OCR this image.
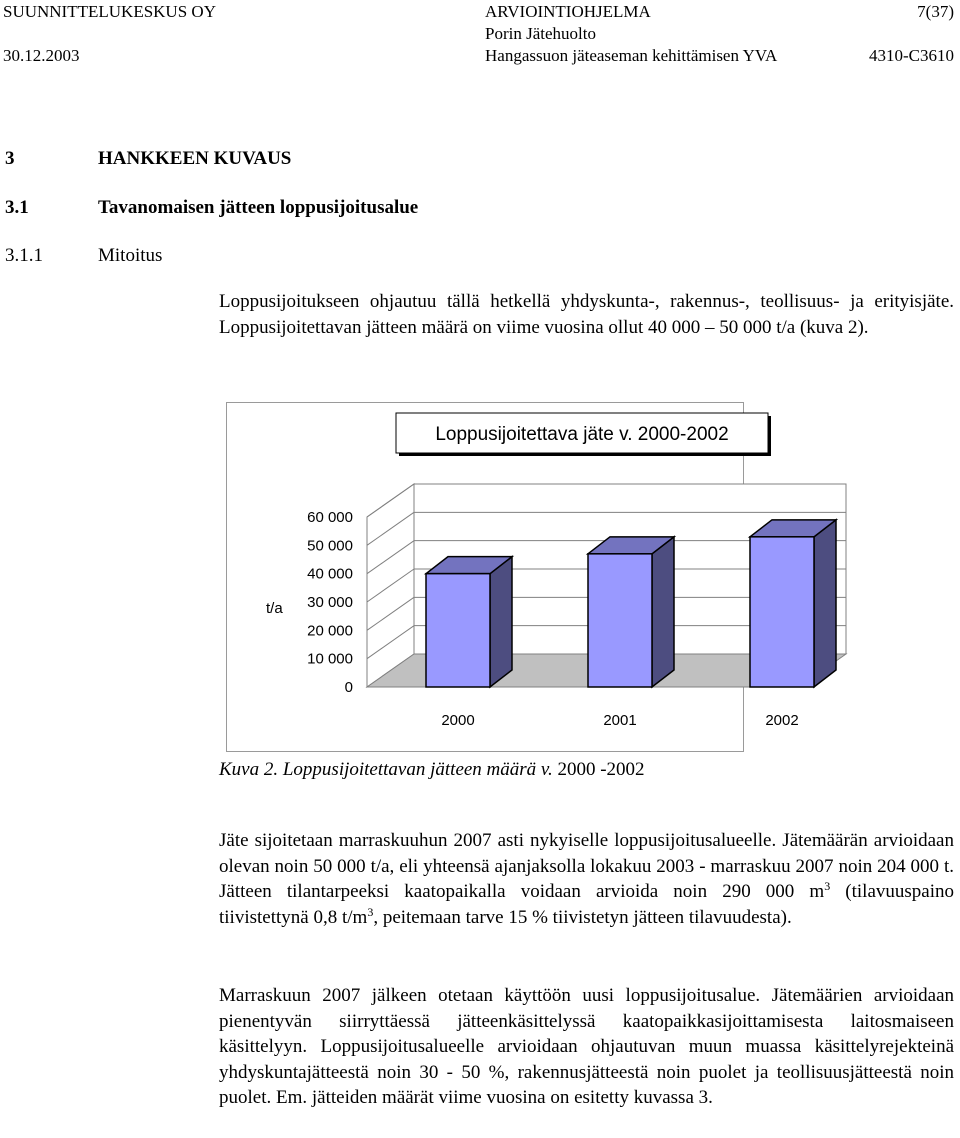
SUUNNITTELUKESKUS OY
30.12.2003
ARVIOINTIOHJELMA
Porin Jätehuolto
Hangassuon jäteaseman kehittämisen YVA
7(37)
4310-C3610
3	HANKKEEN KUVAUS
3.1	Tavanomaisen jätteen loppusijoitusalue
3.1.1	Mitoitus
Loppusijoitukseen ohjautuu tällä hetkellä yhdyskunta-, rakennus-, teollisuus- ja erityisjäte. Loppusijoitettavan jätteen määrä on viime vuosina ollut 40 000 – 50 000 t/a (kuva 2).
0
10 000
20 000
30 000
40 000
50 000
60 000
2000	2001	2002
t/a
Loppusijoitettava jäte v. 2000-2002
Kuva 2. Loppusijoitettavan jätteen määrä v. 2000 -2002
Jäte sijoitetaan marraskuuhun 2007 asti nykyiselle loppusijoitusalueelle. Jätemäärän arvioidaan olevan noin 50 000 t/a, eli yhteensä ajanjaksolla lokakuu 2003 - marraskuu 2007 noin 204 000 t. Jätteen tilantarpeeksi kaatopaikalla voidaan arvioida noin 290 000 $m^3$ (tilavuuspaino tiivistettynä 0,8 $t/m^3$, peitemaan tarve 15 % tiivistetyn jätteen tilavuudesta).
Marraskuun 2007 jälkeen otetaan käyttöön uusi loppusijoitusalue. Jätemäärien arvioidaan pienentyvän siirryttäessä jätteenkäsittelyssä kaatopaikkasijoittamisesta laitosmaiseen käsittelyyn. Loppusijoitusalueelle arvioidaan ohjautuvan muun muassa käsittelyrejekteinä yhdyskuntajätteestä noin 30 - 50 %, rakennusjätteestä noin puolet ja teollisuusjätteestä noin puolet. Em. jätteiden määrät viime vuosina on esitetty kuvassa 3.
